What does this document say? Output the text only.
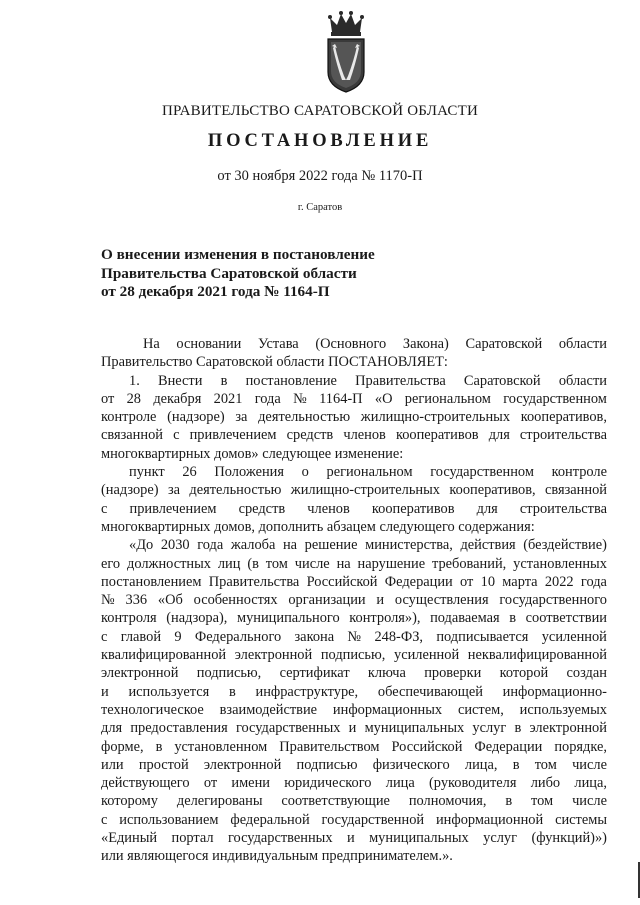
ПРАВИТЕЛЬСТВО САРАТОВСКОЙ ОБЛАСТИ
ПОСТАНОВЛЕНИЕ
от 30 ноября 2022 года № 1170-П
г. Саратов
О внесении изменения в постановление
Правительства Саратовской области
от 28 декабря 2021 года № 1164-П
На основании Устава (Основного Закона) Саратовской области
Правительство Саратовской области ПОСТАНОВЛЯЕТ:
1. Внести в постановление Правительства Саратовской области
от 28 декабря 2021 года № 1164-П «О региональном государственном
контроле (надзоре) за деятельностью жилищно-строительных кооперативов,
связанной с привлечением средств членов кооперативов для строительства
многоквартирных домов» следующее изменение:
пункт 26 Положения о региональном государственном контроле
(надзоре) за деятельностью жилищно-строительных кооперативов, связанной
с привлечением средств членов кооперативов для строительства
многоквартирных домов, дополнить абзацем следующего содержания:
«До 2030 года жалоба на решение министерства, действия (бездействие)
его должностных лиц (в том числе на нарушение требований, установленных
постановлением Правительства Российской Федерации от 10 марта 2022 года
№ 336 «Об особенностях организации и осуществления государственного
контроля (надзора), муниципального контроля»), подаваемая в соответствии
с главой 9 Федерального закона № 248-ФЗ, подписывается усиленной
квалифицированной электронной подписью, усиленной неквалифицированной
электронной подписью, сертификат ключа проверки которой создан
и используется в инфраструктуре, обеспечивающей информационно-
технологическое взаимодействие информационных систем, используемых
для предоставления государственных и муниципальных услуг в электронной
форме, в установленном Правительством Российской Федерации порядке,
или простой электронной подписью физического лица, в том числе
действующего от имени юридического лица (руководителя либо лица,
которому делегированы соответствующие полномочия, в том числе
с использованием федеральной государственной информационной системы
«Единый портал государственных и муниципальных услуг (функций)»)
или являющегося индивидуальным предпринимателем.».
